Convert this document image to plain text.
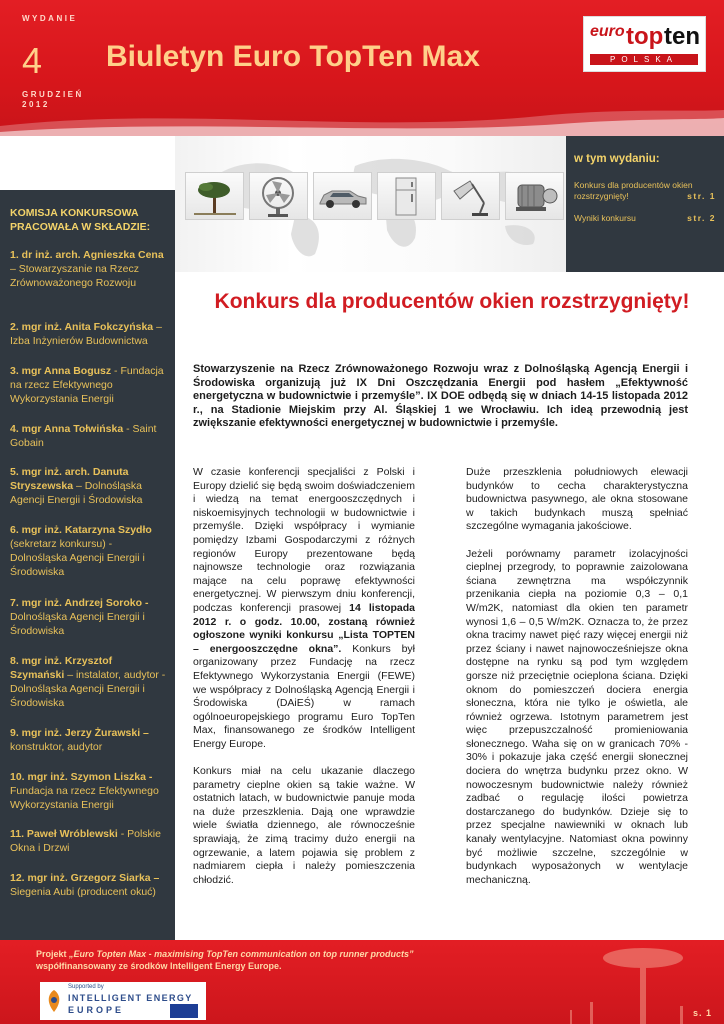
WYDANIE
4
GRUDZIEŃ
2012
Biuletyn Euro TopTen Max
euro top ten
POLSKA
w tym wydaniu:
Konkurs dla producentów okien rozstrzygnięty!	str. 1
Wyniki konkursu	str. 2
KOMISJA KONKURSOWA PRACOWAŁA W SKŁADZIE:
1. dr inż. arch. Agnieszka Cena – Stowarzyszanie na Rzecz Zrównoważonego Rozwoju
2. mgr inż. Anita Fokczyńska – Izba Inżynierów Budownictwa
3. mgr Anna Bogusz - Fundacja na rzecz Efektywnego Wykorzystania Energii
4. mgr Anna Tołwińska - Saint Gobain
5. mgr inż. arch. Danuta Stryszewska – Dolnośląska Agencji Energii i Środowiska
6. mgr inż. Katarzyna Szydło (sekretarz konkursu) - Dolnośląska Agencji Energii i Środowiska
7. mgr inż. Andrzej Soroko - Dolnośląska Agencji Energii i Środowiska
8. mgr inż. Krzysztof Szymański – instalator, audytor - Dolnośląska Agencji Energii i Środowiska
9. mgr inż. Jerzy Żurawski – konstruktor, audytor
10. mgr inż. Szymon Liszka - Fundacja na rzecz Efektywnego Wykorzystania Energii
11. Paweł Wróblewski - Polskie Okna i Drzwi
12. mgr inż. Grzegorz Siarka – Siegenia Aubi (producent okuć)
Konkurs dla producentów okien rozstrzygnięty!
Stowarzyszenie na Rzecz Zrównoważonego Rozwoju wraz z Dolnośląską Agencją Energii i Środowiska organizują już IX Dni Oszczędzania Energii pod hasłem „Efektywność energetyczna w budownictwie i przemyśle”. IX DOE odbędą się w dniach 14-15 listopada 2012 r., na Stadionie Miejskim przy Al. Śląskiej 1 we Wrocławiu. Ich ideą przewodnią jest zwiększanie efektywności energetycznej w budownictwie i przemyśle.

W czasie konferencji specjaliści z Polski i Europy dzielić się będą swoim doświadczeniem i wiedzą na temat energooszczędnych i niskoemisyjnych technologii w budownictwie i przemyśle. Dzięki współpracy i wymianie pomiędzy Izbami Gospodarczymi z różnych regionów Europy prezentowane będą najnowsze technologie oraz rozwiązania mające na celu poprawę efektywności energetycznej. W pierwszym dniu konferencji, podczas konferencji prasowej 14 listopada 2012 r. o godz. 10.00, zostaną również ogłoszone wyniki konkursu „Lista TOPTEN – energooszczędne okna”. Konkurs był organizowany przez Fundację na rzecz Efektywnego Wykorzystania Energii (FEWE) we współpracy z Dolnośląską Agencją Energii i Środowiska (DAiEŚ) w ramach ogólnoeuropejskiego programu Euro TopTen Max, finansowanego ze środków Intelligent Energy Europe.

Konkurs miał na celu ukazanie dlaczego parametry cieplne okien są takie ważne. W ostatnich latach, w budownictwie panuje moda na duże przeszklenia. Dają one wprawdzie wiele światła dziennego, ale równocześnie sprawiają, że zimą tracimy dużo energii na ogrzewanie, a latem pojawia się problem z nadmiarem ciepła i należy pomieszczenia chłodzić.

Duże przeszklenia południowych elewacji budynków to cecha charakterystyczna budownictwa pasywnego, ale okna stosowane w takich budynkach muszą spełniać szczególne wymagania jakościowe.

Jeżeli porównamy parametr izolacyjności cieplnej przegrody, to poprawnie zaizolowana ściana zewnętrzna ma współczynnik przenikania ciepła na poziomie 0,3 – 0,1 W/m2K, natomiast dla okien ten parametr wynosi 1,6 – 0,5 W/m2K. Oznacza to, że przez okna tracimy nawet pięć razy więcej energii niż przez ściany i nawet najnowocześniejsze okna dostępne na rynku są pod tym względem gorsze niż przeciętnie ocieplona ściana. Dzięki oknom do pomieszczeń dociera energia słoneczna, która nie tylko je oświetla, ale również ogrzewa. Istotnym parametrem jest więc przepuszczalność promieniowania słonecznego. Waha się on w granicach 70% - 30% i pokazuje jaka część energii słonecznej dociera do wnętrza budynku przez okno. W nowoczesnym budownictwie należy również zadbać o regulację ilości powietrza dostarczanego do budynków. Dzieje się to przez specjalne nawiewniki w oknach lub kanały wentylacyjne. Natomiast okna powinny być możliwie szczelne, szczególnie w budynkach wyposażonych w wentylacje mechaniczną.

Projekt „Euro Topten Max - maximising TopTen communication on top runner products”
współfinansowany ze środków Intelligent Energy Europe.
Supported by
INTELLIGENT ENERGY
EUROPE	s. 1
